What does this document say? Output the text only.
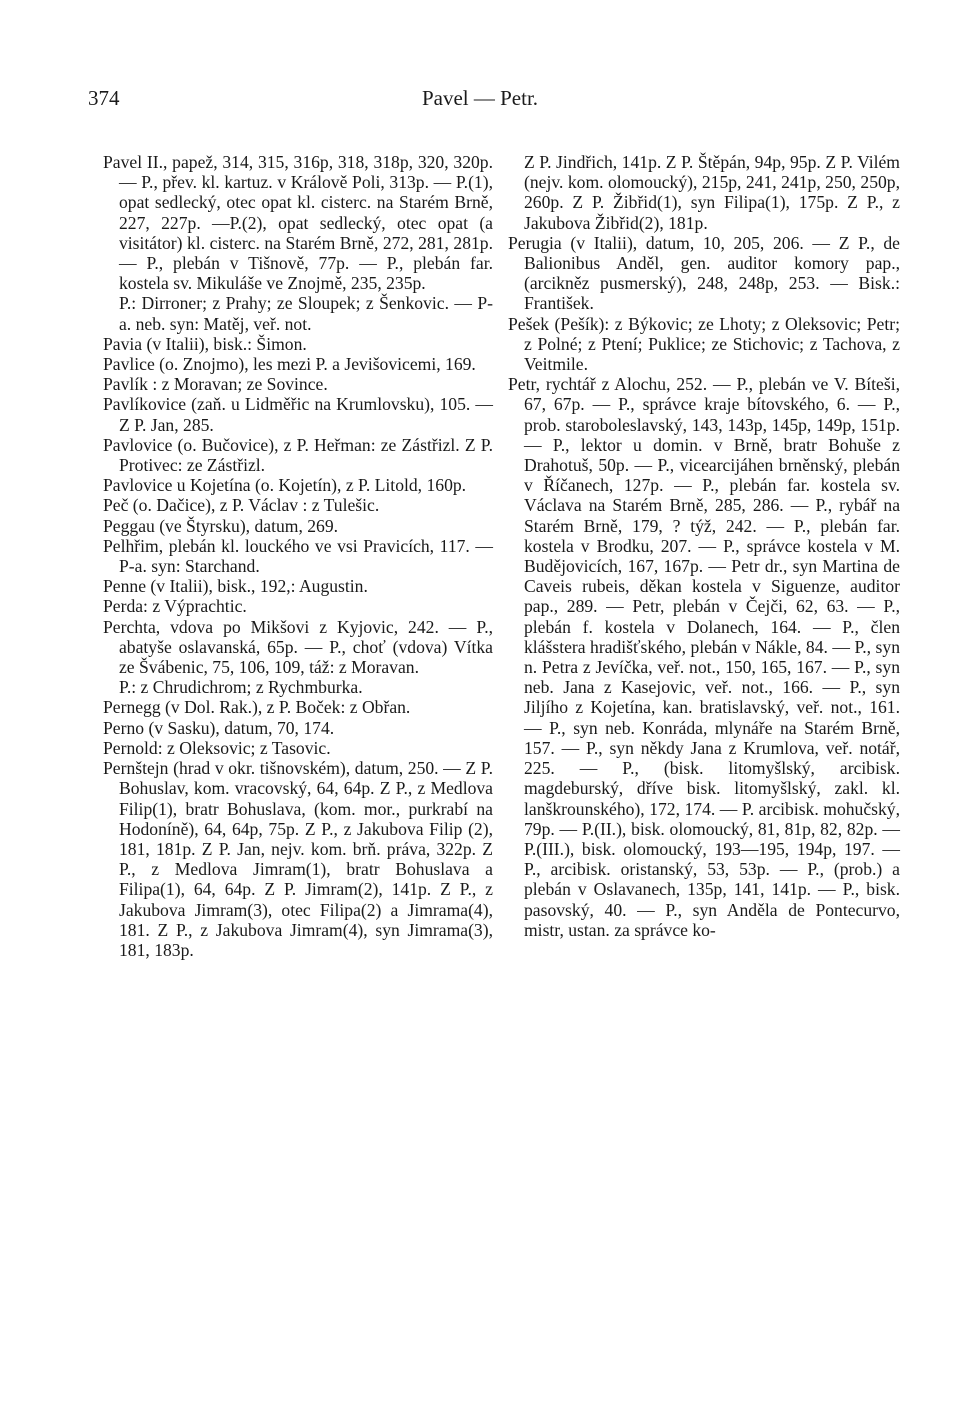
374	Pavel — Petr.

Pavel II., papež, 314, 315, 316p, 318, 318p, 320, 320p. — P., přev. kl. kartuz. v Králově Poli, 313p. — P.(1), opat sedlecký, otec opat kl. cisterc. na Starém Brně, 227, 227p. —P.(2), opat sedlecký, otec opat (a visitátor) kl. cisterc. na Starém Brně, 272, 281, 281p. — P., plebán v Tišnově, 77p. — P., plebán far. kostela sv. Mikuláše ve Znojmě, 235, 235p.

P.: Dirroner; z Prahy; ze Sloupek; z Šenkovic. — P-a. neb. syn: Matěj, veř. not.

Pavia (v Italii), bisk.: Šimon.

Pavlice (o. Znojmo), les mezi P. a Jevišovicemi, 169.

Pavlík : z Moravan; ze Sovince.

Pavlíkovice (zaň. u Lidměřic na Krumlovsku), 105. — Z P. Jan, 285.

Pavlovice (o. Bučovice), z P. Heřman: ze Zástřizl. Z P. Protivec: ze Zástřizl.

Pavlovice u Kojetína (o. Kojetín), z P. Litold, 160p.

Peč (o. Dačice), z P. Václav : z Tulešic.

Peggau (ve Štyrsku), datum, 269.

Pelhřim, plebán kl. louckého ve vsi Pravicích, 117. — P-a. syn: Starchand.

Penne (v Italii), bisk., 192,: Augustin.

Perda: z Výprachtic.

Perchta, vdova po Mikšovi z Kyjovic, 242. — P., abatyše oslavanská, 65p. — P., choť (vdova) Vítka ze Švábenic, 75, 106, 109, táž: z Moravan.

P.: z Chrudichrom; z Rychmburka.

Pernegg (v Dol. Rak.), z P. Boček: z Obřan.

Perno (v Sasku), datum, 70, 174.

Pernold: z Oleksovic; z Tasovic.

Pernštejn (hrad v okr. tišnovském), datum, 250. — Z P. Bohuslav, kom. vracovský, 64, 64p. Z P., z Medlova Filip(1), bratr Bohuslava, (kom. mor., purkrabí na Hodoníně), 64, 64p, 75p. Z P., z Jakubova Filip (2), 181, 181p. Z P. Jan, nejv. kom. brň. práva, 322p. Z P., z Medlova Jimram(1), bratr Bohuslava a Filipa(1), 64, 64p. Z P. Jimram(2), 141p. Z P., z Jakubova Jimram(3), otec Filipa(2) a Jimrama(4), 181. Z P., z Jakubova Jimram(4), syn Jimrama(3), 181, 183p.

Z P. Jindřich, 141p. Z P. Štěpán, 94p, 95p. Z P. Vilém (nejv. kom. olomoucký), 215p, 241, 241p, 250, 250p, 260p. Z P. Žibřid(1), syn Filipa(1), 175p. Z P., z Jakubova Žibřid(2), 181p.

Perugia (v Italii), datum, 10, 205, 206. — Z P., de Balionibus Anděl, gen. auditor komory pap., (arcikněz pusmerský), 248, 248p, 253. — Bisk.: František.

Pešek (Pešík): z Býkovic; ze Lhoty; z Oleksovic; Petr; z Polné; z Ptení; Puklice; ze Stichovic; z Tachova, z Veitmile.

Petr, rychtář z Alochu, 252. — P., plebán ve V. Bíteši, 67, 67p. — P., správce kraje bítovského, 6. — P., prob. staroboleslavský, 143, 143p, 145p, 149p, 151p. — P., lektor u domin. v Brně, bratr Bohuše z Drahotuš, 50p. — P., vicearcijáhen brněnský, plebán v Říčanech, 127p. — P., plebán far. kostela sv. Václava na Starém Brně, 285, 286. — P., rybář na Starém Brně, 179, ? týž, 242. — P., plebán far. kostela v Brodku, 207. — P., správce kostela v M. Budějovicích, 167, 167p. — Petr dr., syn Martina de Caveis rubeis, děkan kostela v Siguenze, auditor pap., 289. — Petr, plebán v Čejči, 62, 63. — P., plebán f. kostela v Dolanech, 164. — P., člen klášstera hradišťského, plebán v Nákle, 84. — P., syn n. Petra z Jevíčka, veř. not., 150, 165, 167. — P., syn neb. Jana z Kasejovic, veř. not., 166. — P., syn Jiljího z Kojetína, kan. bratislavský, veř. not., 161. — P., syn neb. Konráda, mlynáře na Starém Brně, 157. — P., syn někdy Jana z Krumlova, veř. notář, 225. — P., (bisk. litomyšlský, arcibisk. magdeburský, dříve bisk. litomyšlský, zakl. kl. lanškrounského), 172, 174. — P. arcibisk. mohučský, 79p. — P.(II.), bisk. olomoucký, 81, 81p, 82, 82p. — P.(III.), bisk. olomoucký, 193—195, 194p, 197. — P., arcibisk. oristanský, 53, 53p. — P., (prob.) a plebán v Oslavanech, 135p, 141, 141p. — P., bisk. pasovský, 40. — P., syn Anděla de Pontecurvo, mistr, ustan. za správce ko-
